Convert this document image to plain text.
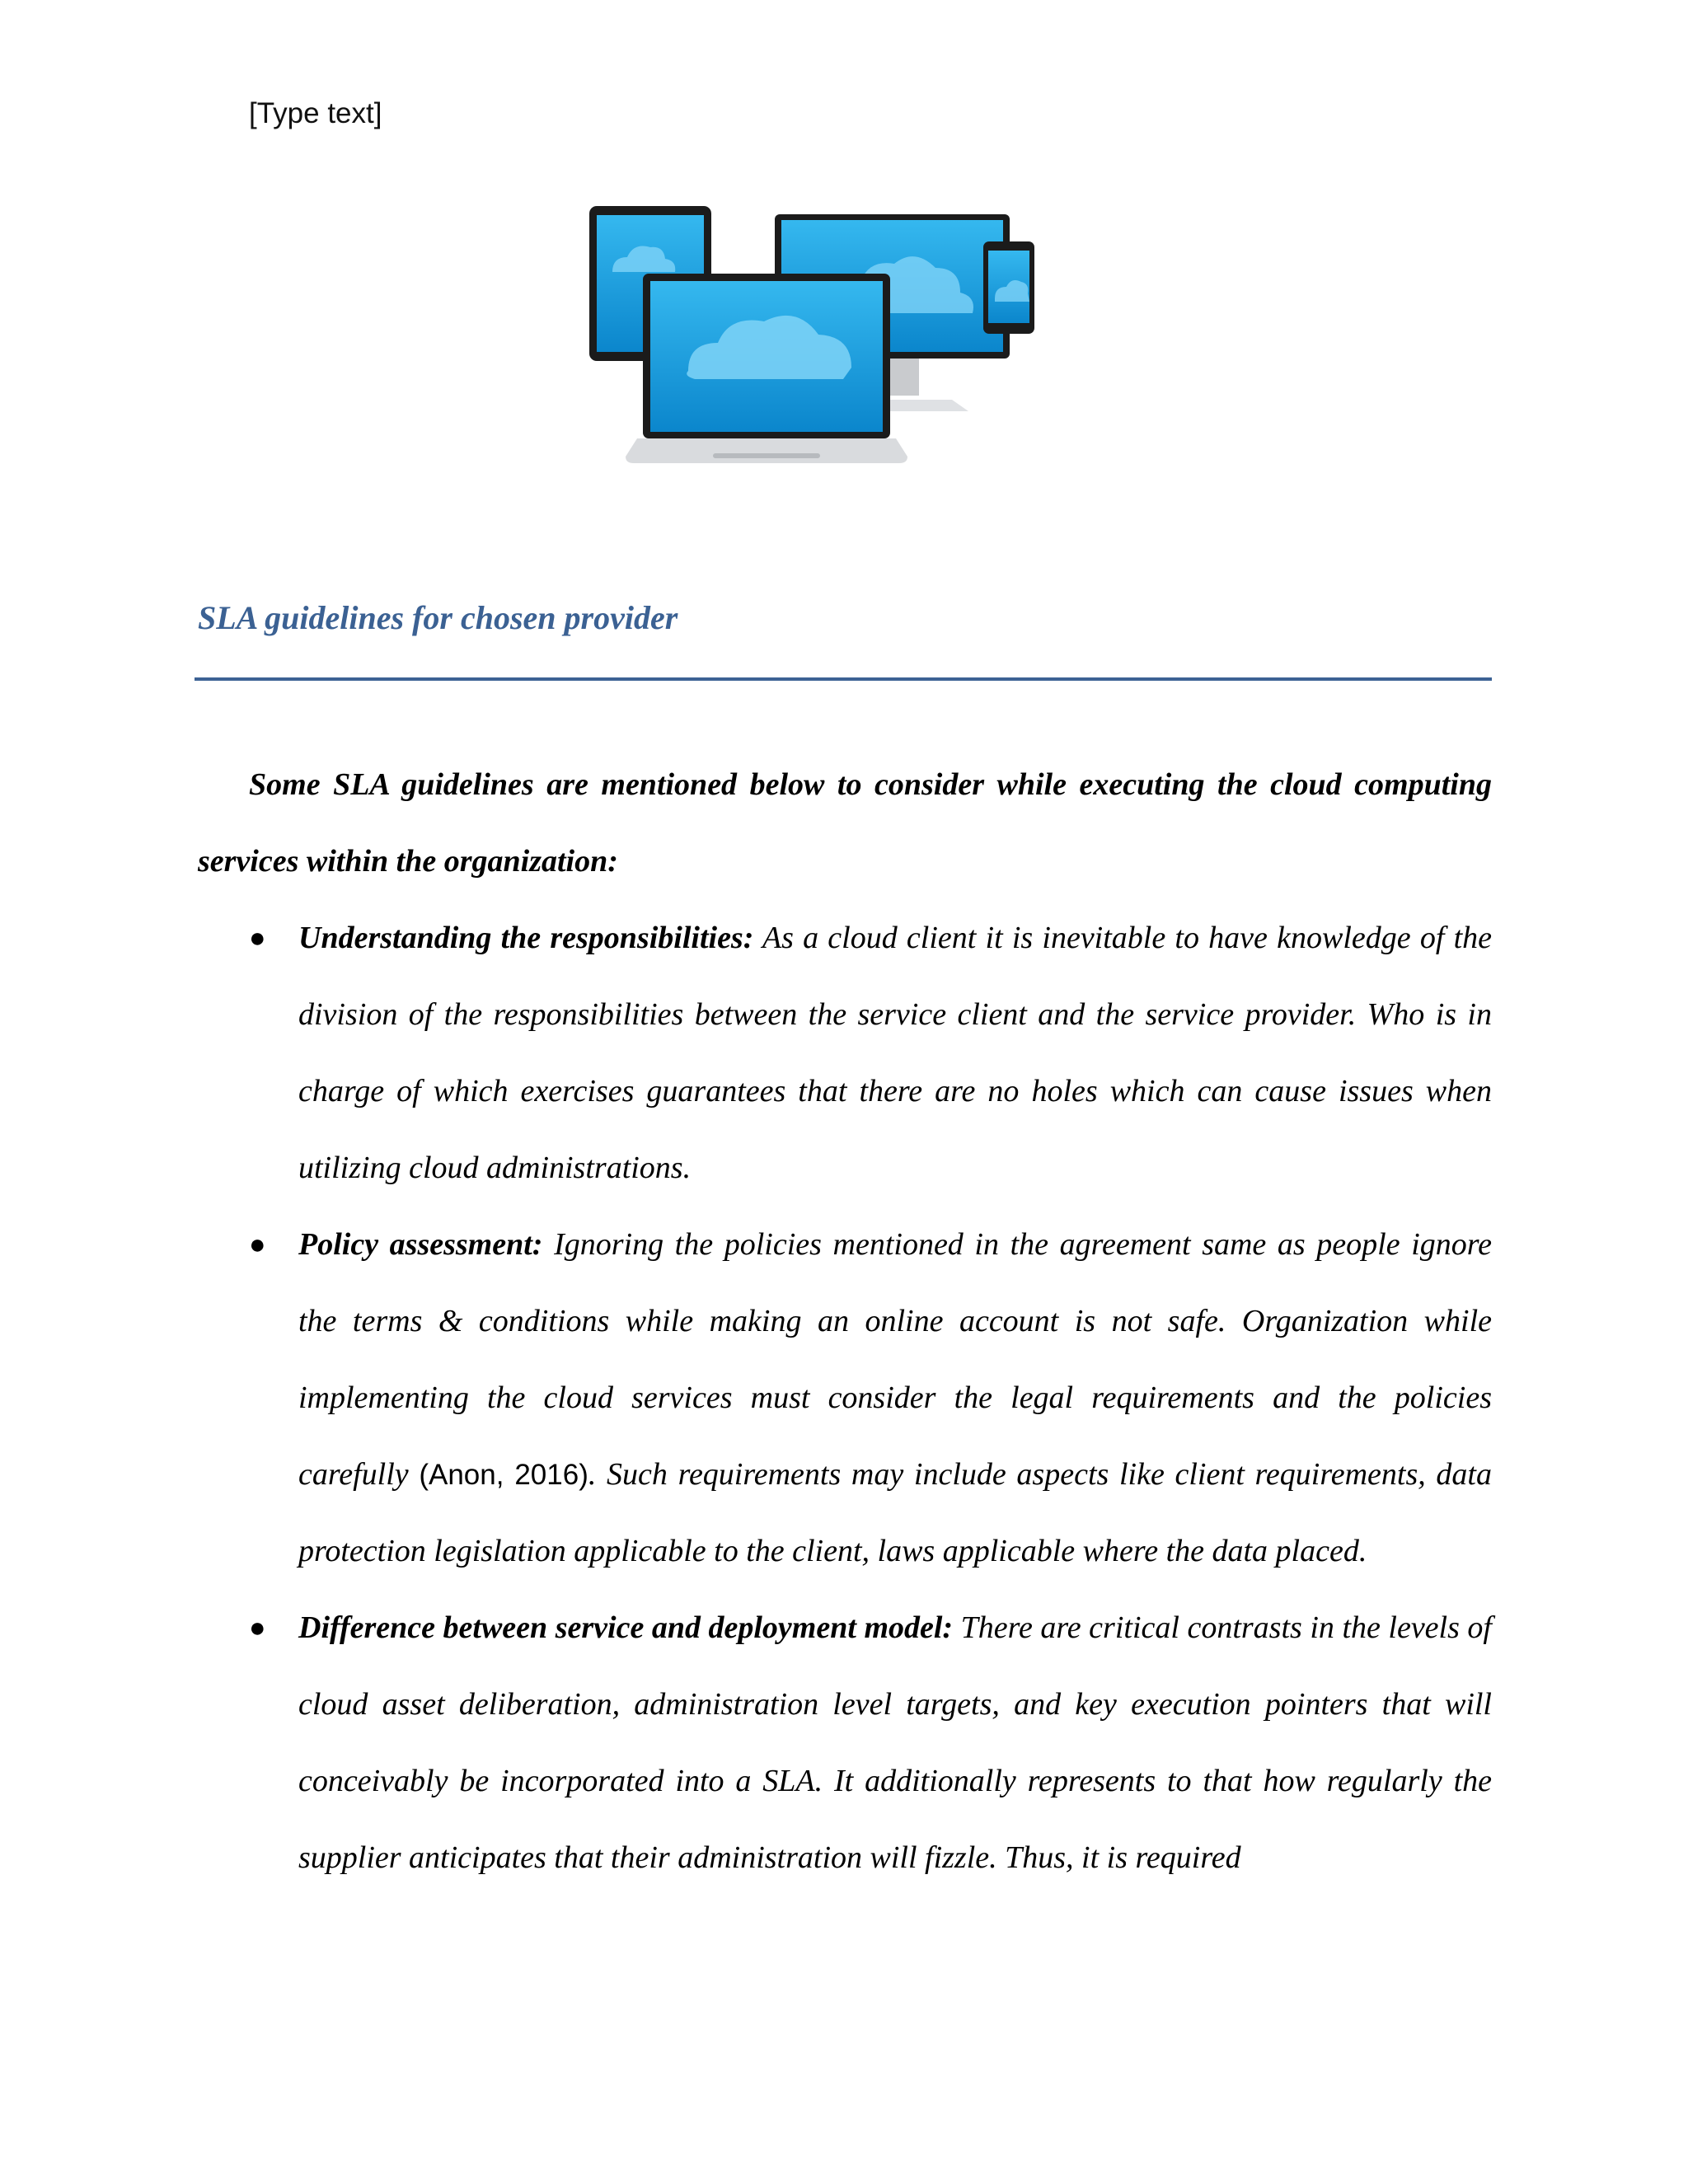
[Type text]
SLA guidelines for chosen provider

Some SLA guidelines are mentioned below to consider while executing the cloud computing services within the organization:

● Understanding the responsibilities: As a cloud client it is inevitable to have knowledge of the division of the responsibilities between the service client and the service provider. Who is in charge of which exercises guarantees that there are no holes which can cause issues when utilizing cloud administrations.
● Policy assessment: Ignoring the policies mentioned in the agreement same as people ignore the terms & conditions while making an online account is not safe. Organization while implementing the cloud services must consider the legal requirements and the policies carefully (Anon, 2016). Such requirements may include aspects like client requirements, data protection legislation applicable to the client, laws applicable where the data placed.
● Difference between service and deployment model: There are critical contrasts in the levels of cloud asset deliberation, administration level targets, and key execution pointers that will conceivably be incorporated into a SLA. It additionally represents to that how regularly the supplier anticipates that their administration will fizzle. Thus, it is required
